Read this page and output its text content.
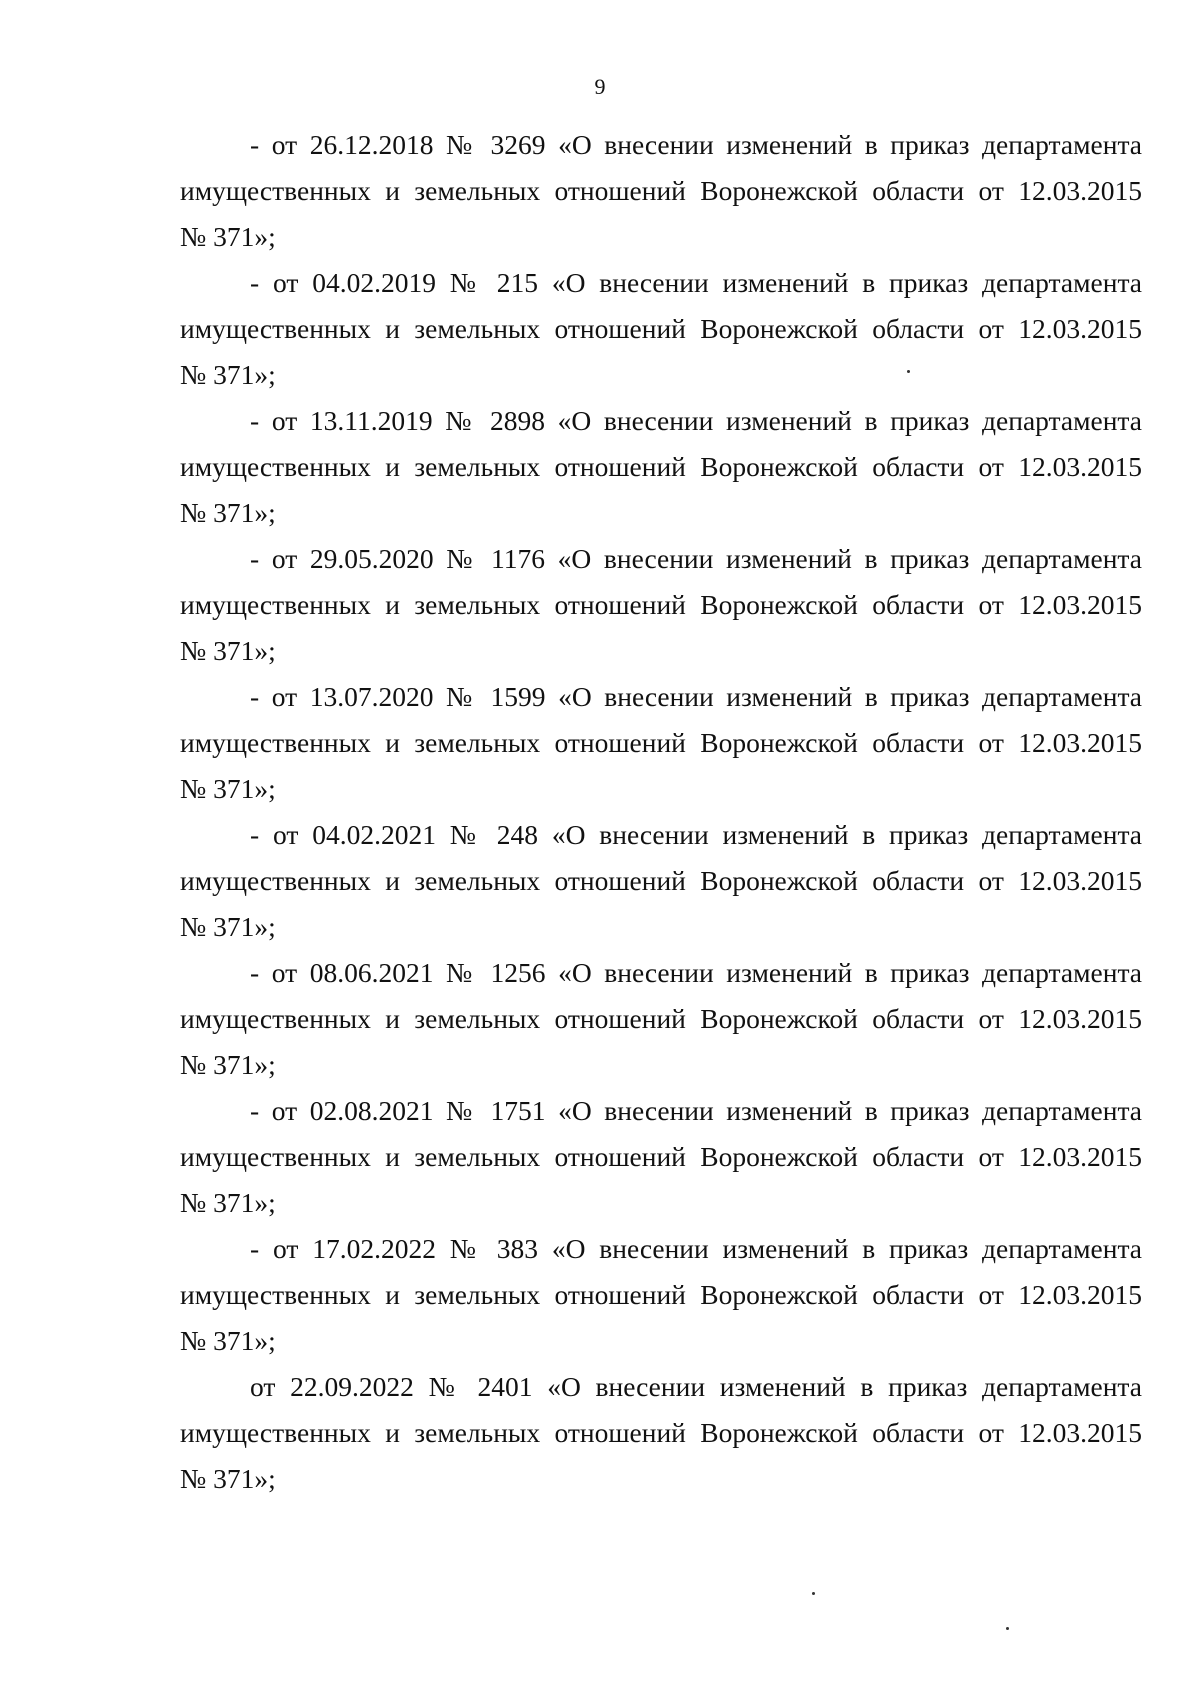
9

- от 26.12.2018 № 3269 «О внесении изменений в приказ департамента
имущественных и земельных отношений Воронежской области от 12.03.2015
№ 371»;

- от 04.02.2019 № 215 «О внесении изменений в приказ департамента
имущественных и земельных отношений Воронежской области от 12.03.2015
№ 371»;

- от 13.11.2019 № 2898 «О внесении изменений в приказ департамента
имущественных и земельных отношений Воронежской области от 12.03.2015
№ 371»;

- от 29.05.2020 № 1176 «О внесении изменений в приказ департамента
имущественных и земельных отношений Воронежской области от 12.03.2015
№ 371»;

- от 13.07.2020 № 1599 «О внесении изменений в приказ департамента
имущественных и земельных отношений Воронежской области от 12.03.2015
№ 371»;

- от 04.02.2021 № 248 «О внесении изменений в приказ департамента
имущественных и земельных отношений Воронежской области от 12.03.2015
№ 371»;

- от 08.06.2021 № 1256 «О внесении изменений в приказ департамента
имущественных и земельных отношений Воронежской области от 12.03.2015
№ 371»;

- от 02.08.2021 № 1751 «О внесении изменений в приказ департамента
имущественных и земельных отношений Воронежской области от 12.03.2015
№ 371»;

- от 17.02.2022 № 383 «О внесении изменений в приказ департамента
имущественных и земельных отношений Воронежской области от 12.03.2015
№ 371»;

от 22.09.2022 № 2401 «О внесении изменений в приказ департамента
имущественных и земельных отношений Воронежской области от 12.03.2015
№ 371»;
